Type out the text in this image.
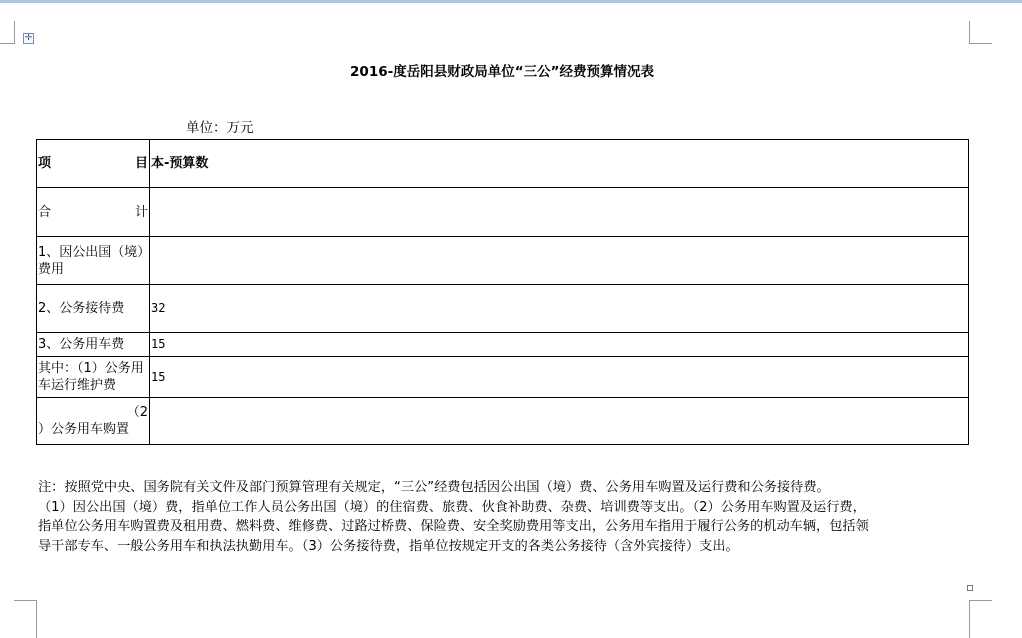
✛
2016-度岳阳县财政局单位“三公”经费预算情况表
单位：万元
项 目	本-预算数

合 计	

1、因公出国（境）费用	
2、公务接待费	32
3、公务用车费	15
其中：（1）公务用车运行维护费	15

（2
）公务用车购置	

注：按照党中央、国务院有关文件及部门预算管理有关规定，“三公”经费包括因公出国（境）费、公务用车购置及运行费和公务接待费。

（1）因公出国（境）费，指单位工作人员公务出国（境）的住宿费、旅费、伙食补助费、杂费、培训费等支出。（2）公务用车购置及运行费，

指单位公务用车购置费及租用费、燃料费、维修费、过路过桥费、保险费、安全奖励费用等支出，公务用车指用于履行公务的机动车辆，包括领

导干部专车、一般公务用车和执法执勤用车。（3）公务接待费，指单位按规定开支的各类公务接待（含外宾接待）支出。
